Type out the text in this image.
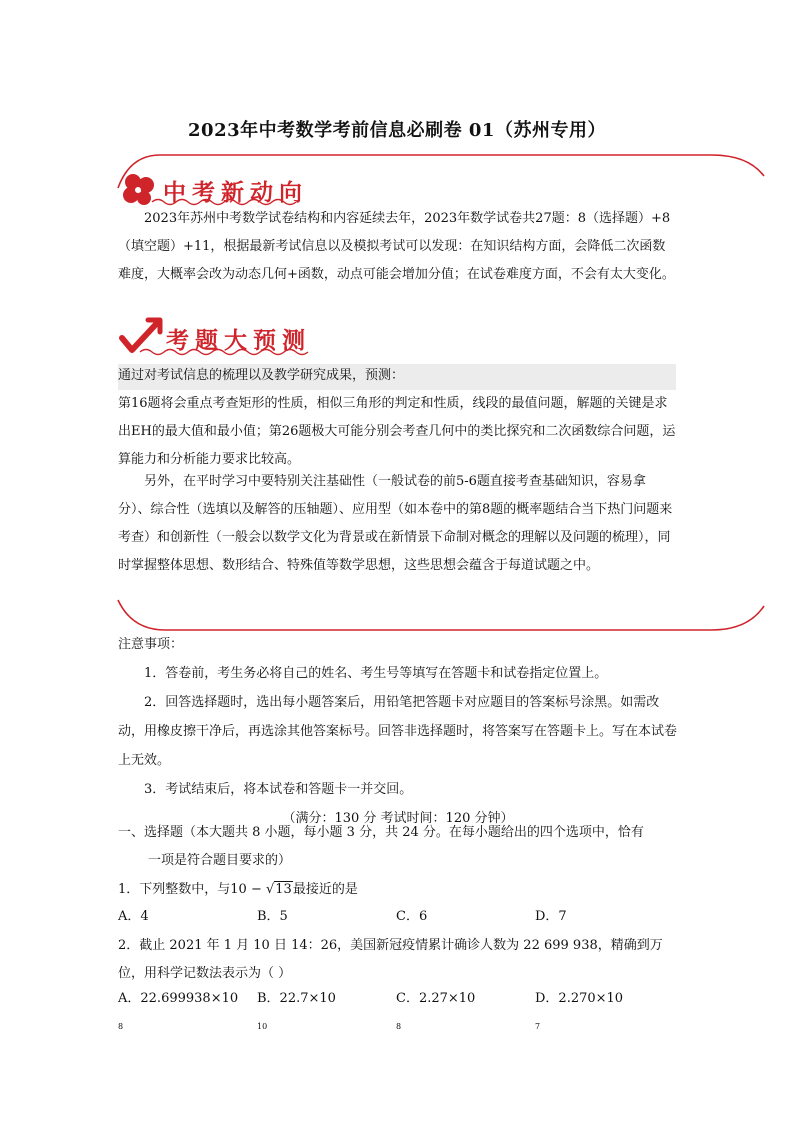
2023年中考数学考前信息必刷卷 01（苏州专用）
中考新动向
2023年苏州中考数学试卷结构和内容延续去年，2023年数学试卷共27题：8（选择题）+8（填空题）+11，根据最新考试信息以及模拟考试可以发现：在知识结构方面，会降低二次函数难度，大概率会改为动态几何+函数，动点可能会增加分值；在试卷难度方面，不会有太大变化。
考题大预测
通过对考试信息的梳理以及教学研究成果，预测：
第16题将会重点考查矩形的性质，相似三角形的判定和性质，线段的最值问题，解题的关键是求出EH的最大值和最小值；第26题极大可能分别会考查几何中的类比探究和二次函数综合问题，运算能力和分析能力要求比较高。
另外，在平时学习中要特别关注基础性（一般试卷的前5-6题直接考查基础知识，容易拿分）、综合性（选填以及解答的压轴题）、应用型（如本卷中的第8题的概率题结合当下热门问题来考查）和创新性（一般会以数学文化为背景或在新情景下命制对概念的理解以及问题的梳理），同时掌握整体思想、数形结合、特殊值等数学思想，这些思想会蕴含于每道试题之中。
注意事项：
1．答卷前，考生务必将自己的姓名、考生号等填写在答题卡和试卷指定位置上。
2．回答选择题时，选出每小题答案后，用铅笔把答题卡对应题目的答案标号涂黑。如需改动，用橡皮擦干净后，再选涂其他答案标号。回答非选择题时，将答案写在答题卡上。写在本试卷上无效。
3．考试结束后，将本试卷和答题卡一并交回。
（满分：130 分 考试时间：120 分钟）
一、选择题（本大题共 8 小题，每小题 3 分，共 24 分。在每小题给出的四个选项中，恰有
一项是符合题目要求的）
1．下列整数中，与10 − √13最接近的是
A．4	B．5	C．6	D．7
2．截止 2021 年 1 月 10 日 14：26，美国新冠疫情累计确诊人数为 22 699 938，精确到万位，用科学记数法表示为（ ）
A．$22.699938\times 10^8$
B．$22.7\times 10^{10}$
C．$2.27\times 10^8$
D．$2.270\times 10^7$
